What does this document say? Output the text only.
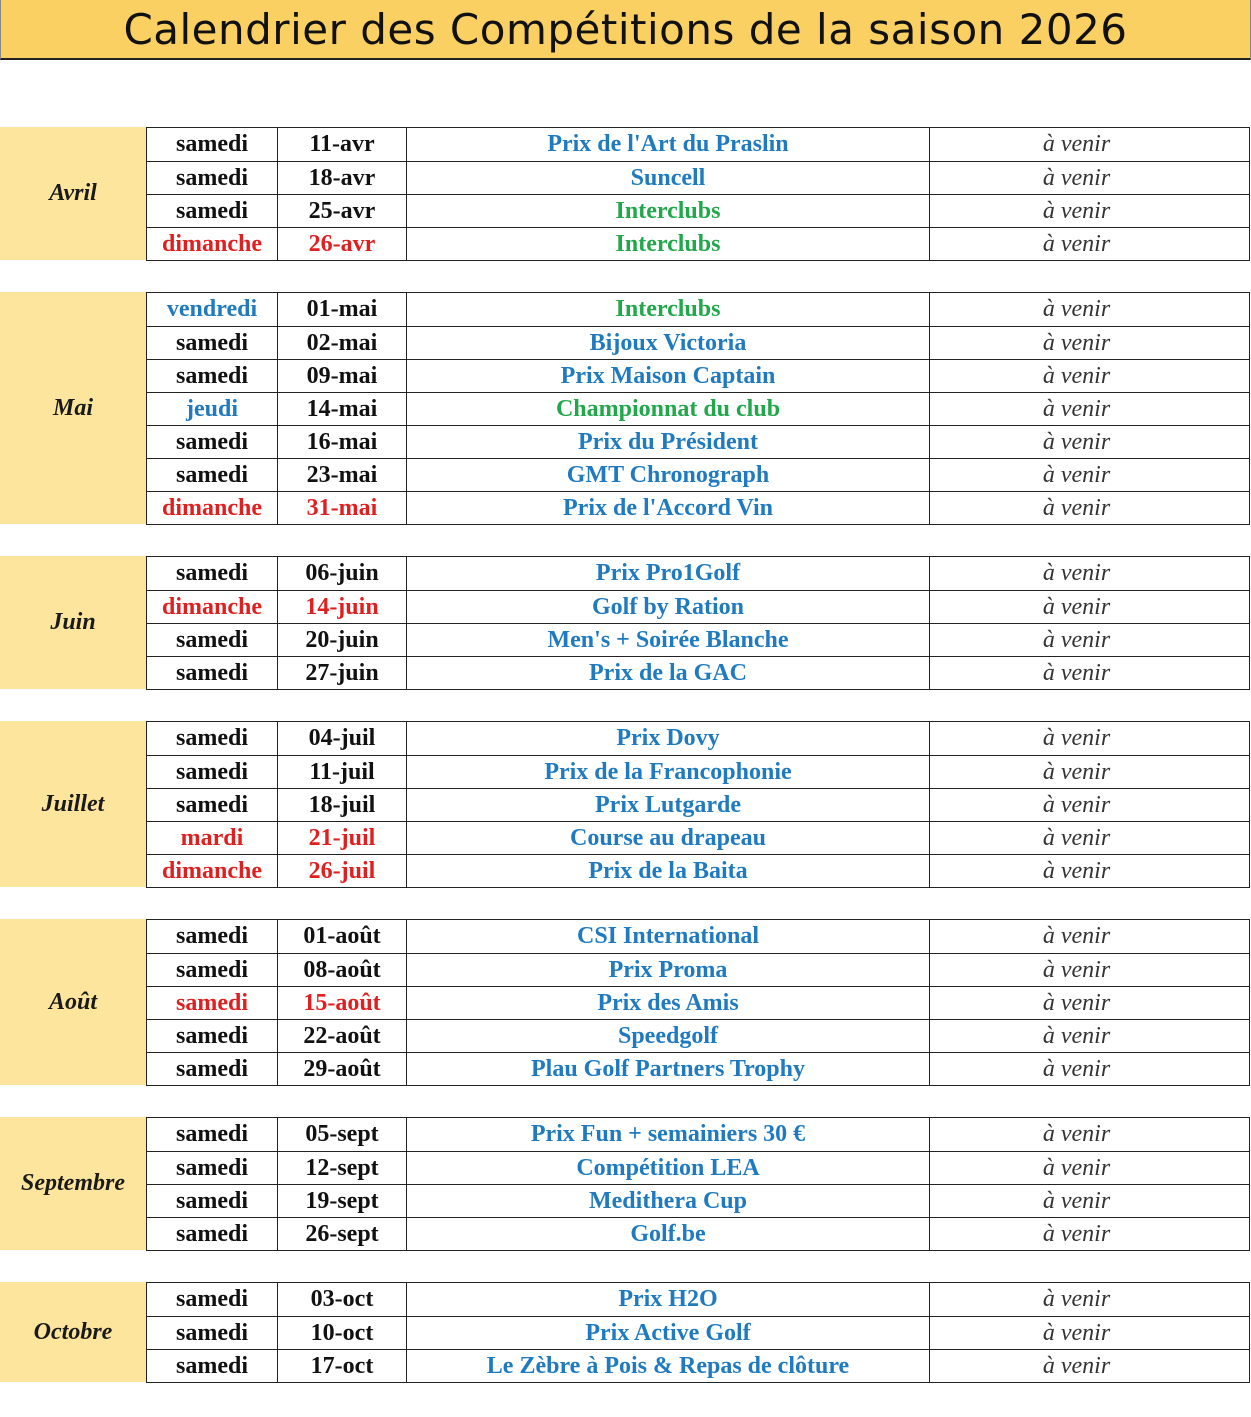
Calendrier des Compétitions de la saison 2026
Avril
samedi	11-avr	Prix de l'Art du Praslin	à venir
samedi	18-avr	Suncell	à venir
samedi	25-avr	Interclubs	à venir
dimanche 26-avr	Interclubs	à venir
Mai
vendredi 01-mai	Interclubs	à venir
samedi 02-mai	Bijoux Victoria	à venir
samedi 09-mai	Prix Maison Captain	à venir
jeudi	14-mai	Championnat du club	à venir
samedi 16-mai	Prix du Président	à venir
samedi 23-mai	GMT Chronograph	à venir
dimanche 31-mai	Prix de l'Accord Vin	à venir
Juin
samedi 06-juin	Prix Pro1Golf	à venir
dimanche 14-juin	Golf by Ration	à venir
samedi 20-juin	Men's + Soirée Blanche	à venir
samedi 27-juin	Prix de la GAC	à venir
Juillet
samedi	04-juil	Prix Dovy	à venir
samedi	11-juil	Prix de la Francophonie	à venir
samedi	18-juil	Prix Lutgarde	à venir
mardi	21-juil	Course au drapeau	à venir
dimanche 26-juil	Prix de la Baita	à venir
Août
samedi 01-août	CSI International	à venir
samedi 08-août	Prix Proma	à venir
samedi 15-août	Prix des Amis	à venir
samedi 22-août	Speedgolf	à venir
samedi 29-août	Plau Golf Partners Trophy	à venir
Septembre
samedi 05-sept	Prix Fun + semainiers 30 €	à venir
samedi 12-sept	Compétition LEA	à venir
samedi 19-sept	Medithera Cup	à venir
samedi 26-sept	Golf.be	à venir
Octobre
samedi	03-oct	Prix H2O	à venir
samedi	10-oct	Prix Active Golf	à venir
samedi	17-oct	Le Zèbre à Pois & Repas de clôture	à venir
